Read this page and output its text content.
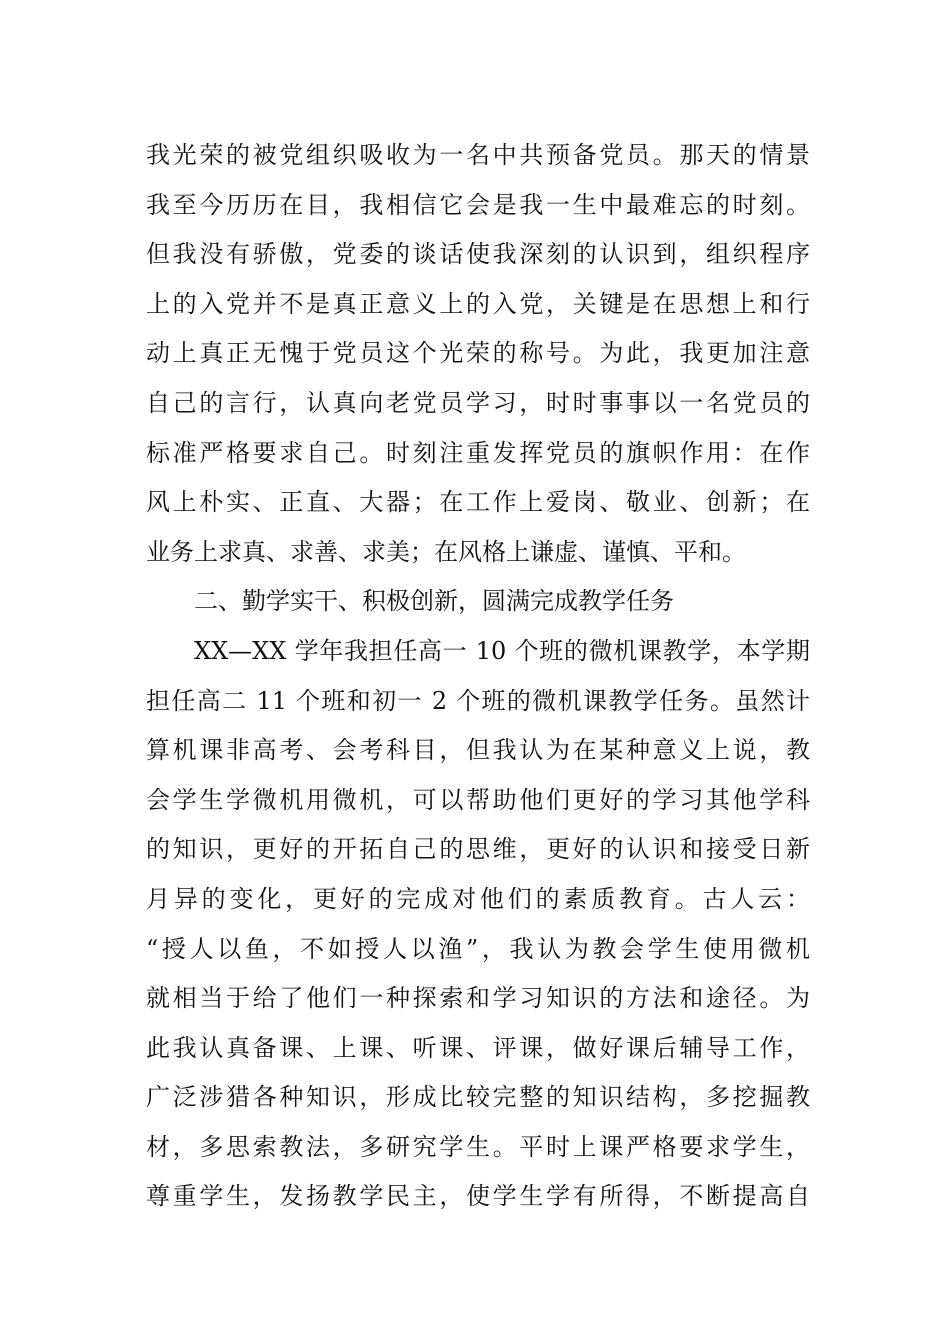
我光荣的被党组织吸收为一名中共预备党员。那天的情景
我至今历历在目，我相信它会是我一生中最难忘的时刻。
但我没有骄傲，党委的谈话使我深刻的认识到，组织程序
上的入党并不是真正意义上的入党，关键是在思想上和行
动上真正无愧于党员这个光荣的称号。为此，我更加注意
自己的言行，认真向老党员学习，时时事事以一名党员的
标准严格要求自己。时刻注重发挥党员的旗帜作用：在作
风上朴实、正直、大器；在工作上爱岗、敬业、创新；在
业务上求真、求善、求美；在风格上谦虚、谨慎、平和。
二、勤学实干、积极创新，圆满完成教学任务
XX—XX 学年我担任高一 10 个班的微机课教学，本学期
担任高二 11 个班和初一 2 个班的微机课教学任务。虽然计
算机课非高考、会考科目，但我认为在某种意义上说，教
会学生学微机用微机，可以帮助他们更好的学习其他学科
的知识，更好的开拓自己的思维，更好的认识和接受日新
月异的变化，更好的完成对他们的素质教育。古人云：
“授人以鱼，不如授人以渔”，我认为教会学生使用微机
就相当于给了他们一种探索和学习知识的方法和途径。为
此我认真备课、上课、听课、评课，做好课后辅导工作，
广泛涉猎各种知识，形成比较完整的知识结构，多挖掘教
材，多思索教法，多研究学生。平时上课严格要求学生，
尊重学生，发扬教学民主，使学生学有所得，不断提高自
